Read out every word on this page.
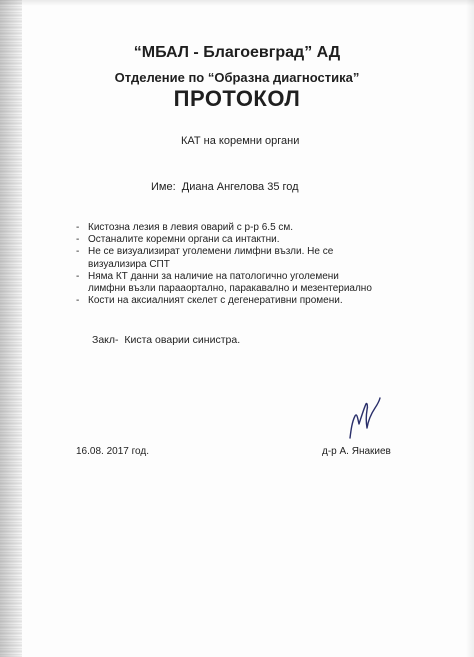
“МБАЛ - Благоевград” АД
Отделение по “Образна диагностика”
ПРОТОКОЛ
КАТ на коремни органи
Име: Диана Ангелова 35 год
- Кистозна лезия в левия оварий с р-р 6.5 см.
- Останалите коремни органи са интактни.
- Не се визуализират уголемени лимфни възли. Не се
визуализира СПТ
- Няма КТ данни за наличие на патологично уголемени
лимфни възли парааортално, паракавално и мезентериално
- Кости на аксиалният скелет с дегенеративни промени.
Закл- Киста оварии синистра.
16.08. 2017 год.	д-р А. Янакиев
